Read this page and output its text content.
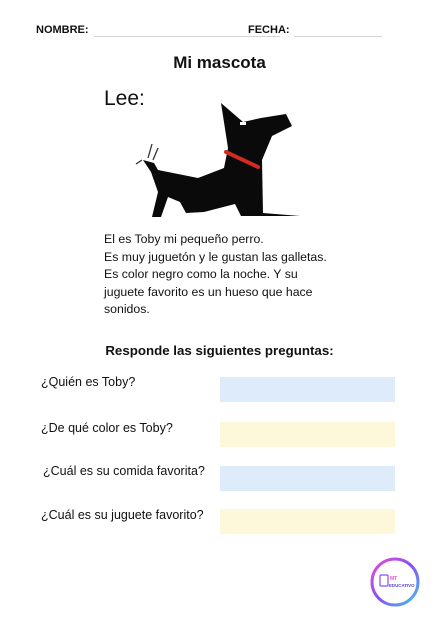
NOMBRE:	FECHA:
Mi mascota
Lee:
El es Toby mi pequeño perro.
Es muy juguetón y le gustan las galletas.
Es color negro como la noche. Y su
juguete favorito es un hueso que hace
sonidos.
Responde las siguientes preguntas:
¿Quién es Toby?
¿De qué color es Toby?
¿Cuál es su comida favorita?
¿Cuál es su juguete favorito?
MT
EDUCATIVO
